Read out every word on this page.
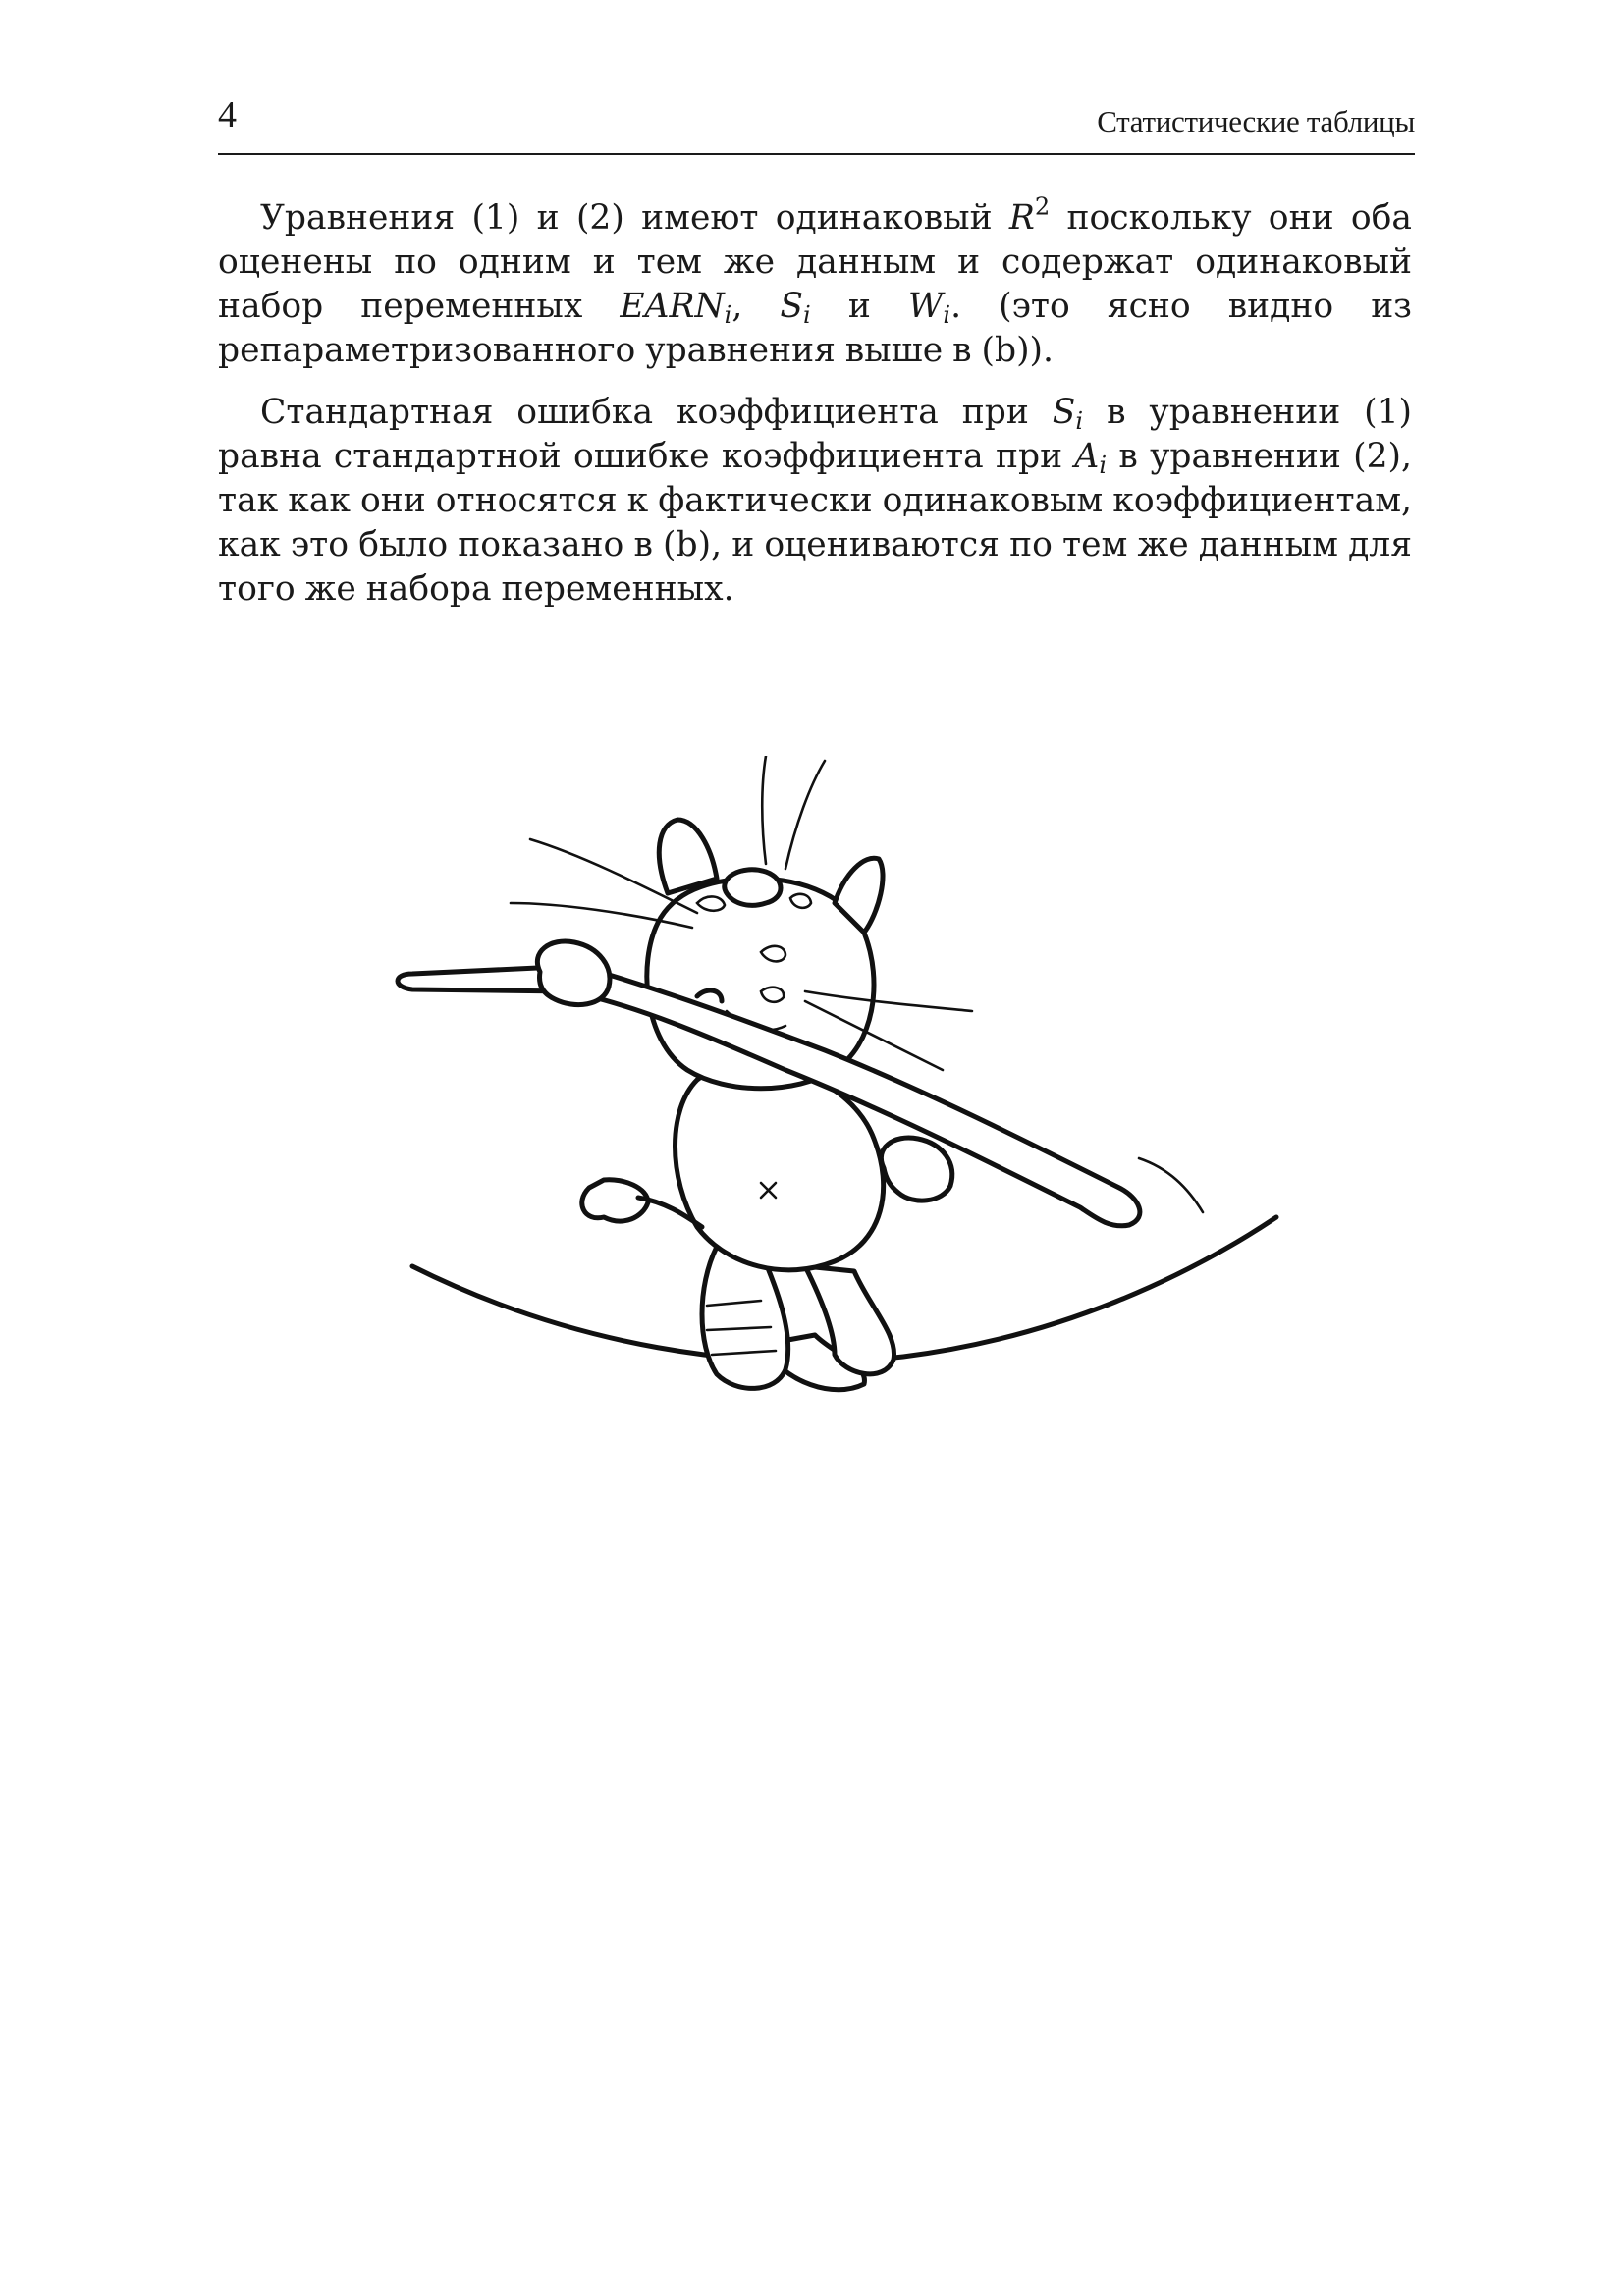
4	Статистические таблицы

Уравнения (1) и (2) имеют одинаковый $R^2$ поскольку они оба оценены по одним и тем же данным и содержат одинаковый набор переменных $EARN_i$, $S_i$ и $W_i$. (это ясно видно из репараметризованного уравнения выше в (b)).

Стандартная ошибка коэффициента при $S_i$ в уравнении (1) равна стандартной ошибке коэффициента при $A_i$ в уравнении (2), так как они относятся к фактически одинаковым коэффициентам, как это было показано в (b), и оцениваются по тем же данным для того же набора переменных.
